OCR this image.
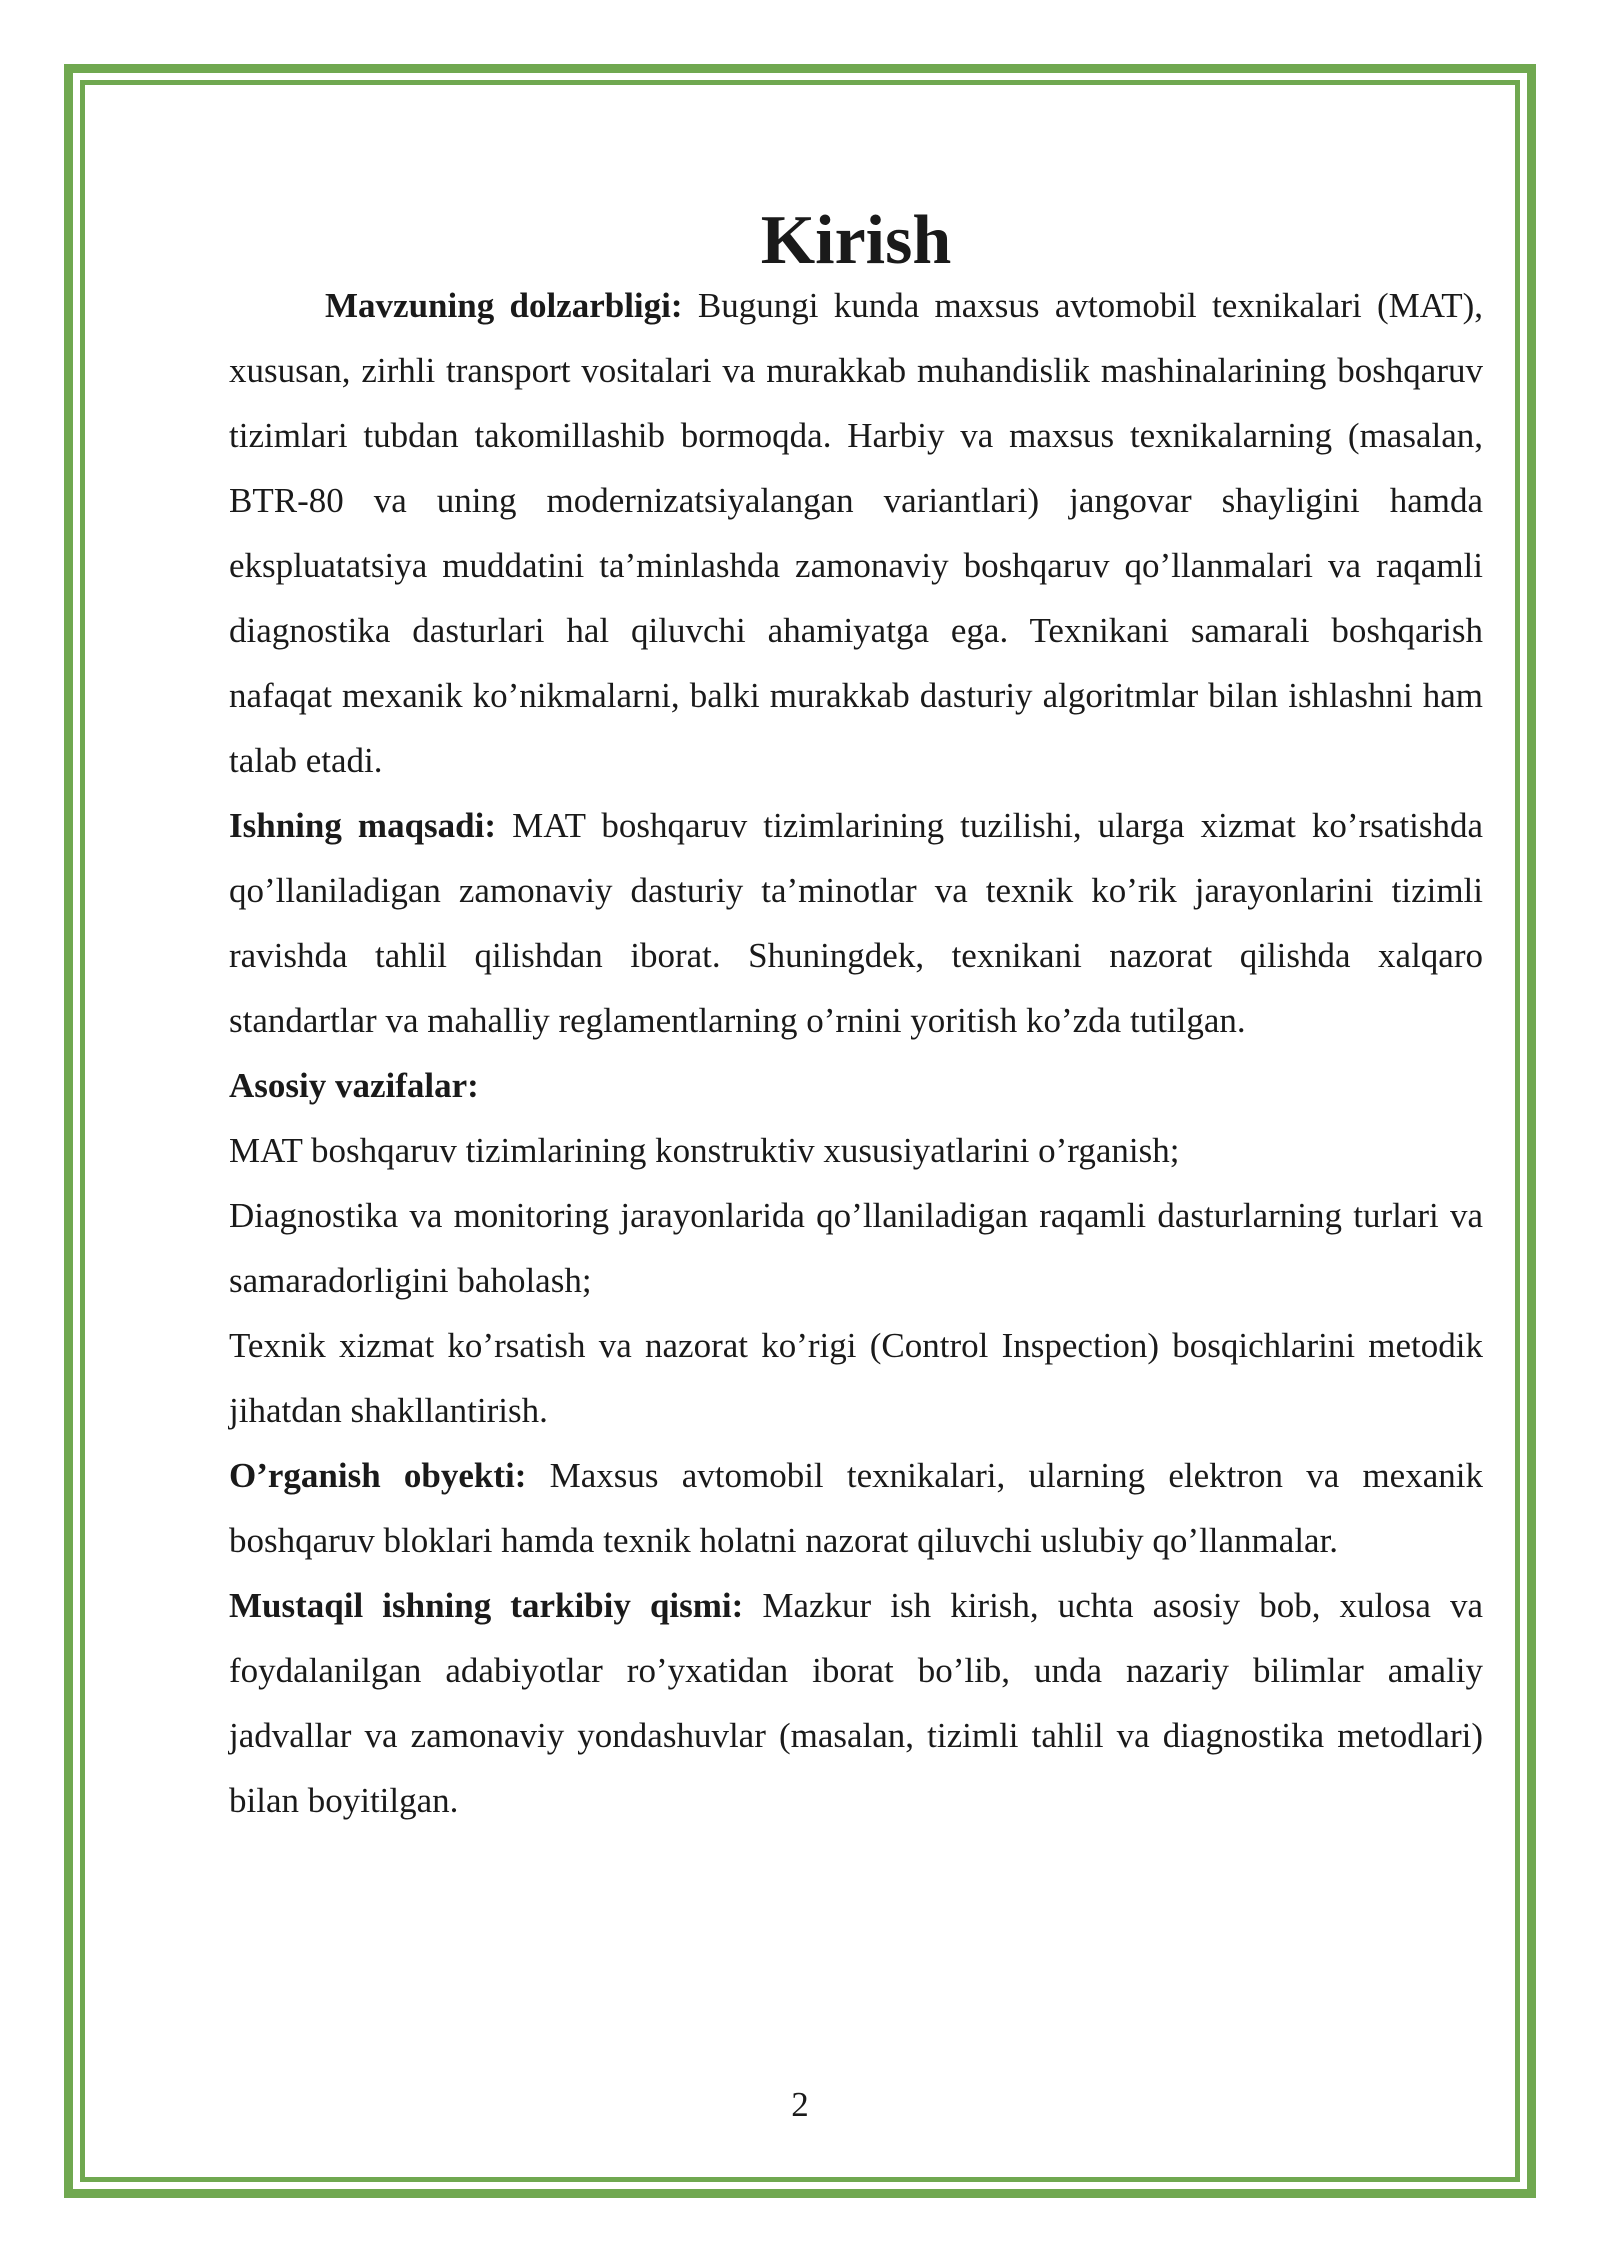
Kirish

Mavzuning dolzarbligi: Bugungi kunda maxsus avtomobil texnikalari (MAT), xususan, zirhli transport vositalari va murakkab muhandislik mashinalarining boshqaruv tizimlari tubdan takomillashib bormoqda. Harbiy va maxsus texnikalarning (masalan, BTR-80 va uning modernizatsiyalangan variantlari) jangovar shayligini hamda ekspluatatsiya muddatini ta’minlashda zamonaviy boshqaruv qo’llanmalari va raqamli diagnostika dasturlari hal qiluvchi ahamiyatga ega. Texnikani samarali boshqarish nafaqat mexanik ko’nikmalarni, balki murakkab dasturiy algoritmlar bilan ishlashni ham talab etadi.

Ishning maqsadi: MAT boshqaruv tizimlarining tuzilishi, ularga xizmat ko’rsatishda qo’llaniladigan zamonaviy dasturiy ta’minotlar va texnik ko’rik jarayonlarini tizimli ravishda tahlil qilishdan iborat. Shuningdek, texnikani nazorat qilishda xalqaro standartlar va mahalliy reglamentlarning o’rnini yoritish ko’zda tutilgan.

Asosiy vazifalar:

MAT boshqaruv tizimlarining konstruktiv xususiyatlarini o’rganish;

Diagnostika va monitoring jarayonlarida qo’llaniladigan raqamli dasturlarning turlari va samaradorligini baholash;

Texnik xizmat ko’rsatish va nazorat ko’rigi (Control Inspection) bosqichlarini metodik jihatdan shakllantirish.

O’rganish obyekti: Maxsus avtomobil texnikalari, ularning elektron va mexanik boshqaruv bloklari hamda texnik holatni nazorat qiluvchi uslubiy qo’llanmalar.

Mustaqil ishning tarkibiy qismi: Mazkur ish kirish, uchta asosiy bob, xulosa va foydalanilgan adabiyotlar ro’yxatidan iborat bo’lib, unda nazariy bilimlar amaliy jadvallar va zamonaviy yondashuvlar (masalan, tizimli tahlil va diagnostika metodlari) bilan boyitilgan.

2
